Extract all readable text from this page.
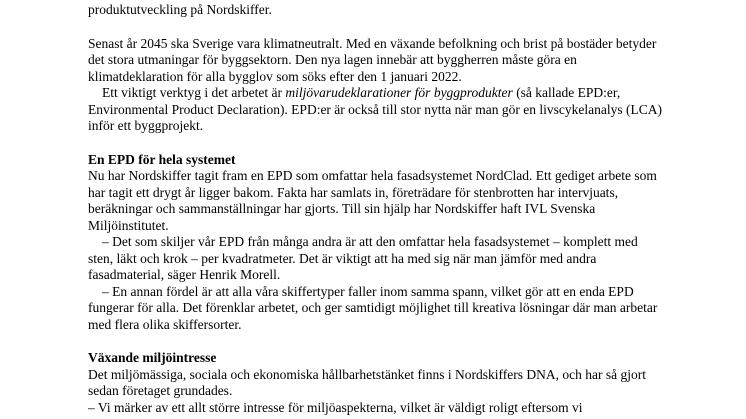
produktutveckling på Nordskiffer.

Senast år 2045 ska Sverige vara klimatneutralt. Med en växande befolkning och brist på bostäder betyder det stora utmaningar för byggsektorn. Den nya lagen innebär att byggherren måste göra en klimatdeklaration för alla bygglov som söks efter den 1 januari 2022.

Ett viktigt verktyg i det arbetet är miljövarudeklarationer för byggprodukter (så kallade EPD:er, Environmental Product Declaration). EPD:er är också till stor nytta när man gör en livscykelanalys (LCA) inför ett byggprojekt.

En EPD för hela systemet

Nu har Nordskiffer tagit fram en EPD som omfattar hela fasadsystemet NordClad. Ett gediget arbete som har tagit ett drygt år ligger bakom. Fakta har samlats in, företrädare för stenbrotten har intervjuats, beräkningar och sammanställningar har gjorts. Till sin hjälp har Nordskiffer haft IVL Svenska Miljöinstitutet.

– Det som skiljer vår EPD från många andra är att den omfattar hela fasadsystemet – komplett med sten, läkt och krok – per kvadratmeter. Det är viktigt att ha med sig när man jämför med andra fasadmaterial, säger Henrik Morell.

– En annan fördel är att alla våra skiffertyper faller inom samma spann, vilket gör att en enda EPD fungerar för alla. Det förenklar arbetet, och ger samtidigt möjlighet till kreativa lösningar där man arbetar med flera olika skiffersorter.

Växande miljöintresse

Det miljömässiga, sociala och ekonomiska hållbarhetstänket finns i Nordskiffers DNA, och har så gjort sedan företaget grundades.

– Vi märker av ett allt större intresse för miljöaspekterna, vilket är väldigt roligt eftersom vi
